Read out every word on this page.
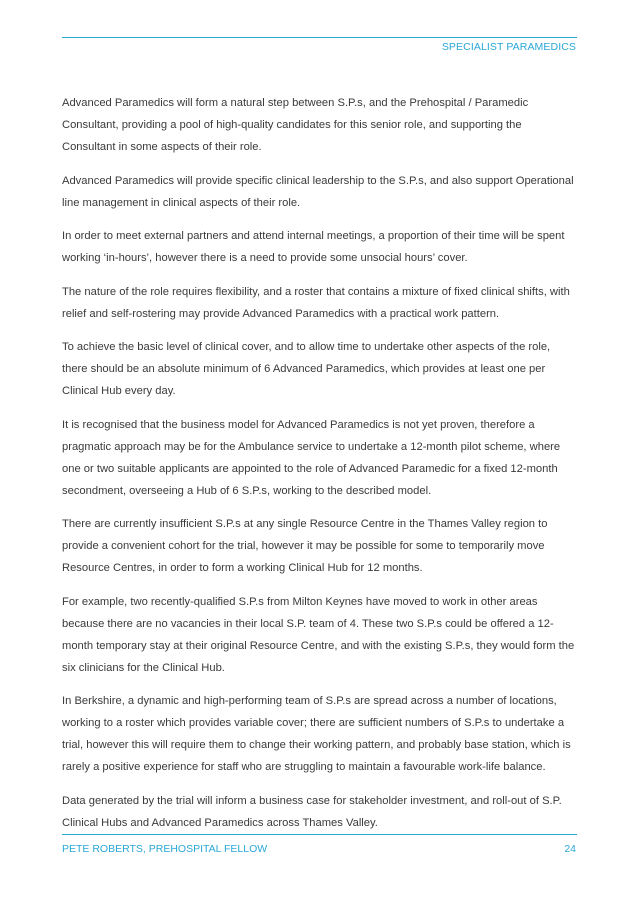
SPECIALIST PARAMEDICS

Advanced Paramedics will form a natural step between S.P.s, and the Prehospital / Paramedic Consultant, providing a pool of high-quality candidates for this senior role, and supporting the Consultant in some aspects of their role.

Advanced Paramedics will provide specific clinical leadership to the S.P.s, and also support Operational line management in clinical aspects of their role.

In order to meet external partners and attend internal meetings, a proportion of their time will be spent working ‘in-hours’, however there is a need to provide some unsocial hours’ cover.

The nature of the role requires flexibility, and a roster that contains a mixture of fixed clinical shifts, with relief and self-rostering may provide Advanced Paramedics with a practical work pattern.

To achieve the basic level of clinical cover, and to allow time to undertake other aspects of the role, there should be an absolute minimum of 6 Advanced Paramedics, which provides at least one per Clinical Hub every day.

It is recognised that the business model for Advanced Paramedics is not yet proven, therefore a pragmatic approach may be for the Ambulance service to undertake a 12-month pilot scheme, where one or two suitable applicants are appointed to the role of Advanced Paramedic for a fixed 12-month secondment, overseeing a Hub of 6 S.P.s, working to the described model.

There are currently insufficient S.P.s at any single Resource Centre in the Thames Valley region to provide a convenient cohort for the trial, however it may be possible for some to temporarily move Resource Centres, in order to form a working Clinical Hub for 12 months.

For example, two recently-qualified S.P.s from Milton Keynes have moved to work in other areas because there are no vacancies in their local S.P. team of 4. These two S.P.s could be offered a 12-month temporary stay at their original Resource Centre, and with the existing S.P.s, they would form the six clinicians for the Clinical Hub.

In Berkshire, a dynamic and high-performing team of S.P.s are spread across a number of locations, working to a roster which provides variable cover; there are sufficient numbers of S.P.s to undertake a trial, however this will require them to change their working pattern, and probably base station, which is rarely a positive experience for staff who are struggling to maintain a favourable work-life balance.

Data generated by the trial will inform a business case for stakeholder investment, and roll-out of S.P. Clinical Hubs and Advanced Paramedics across Thames Valley.

PETE ROBERTS, PREHOSPITAL FELLOW	24
